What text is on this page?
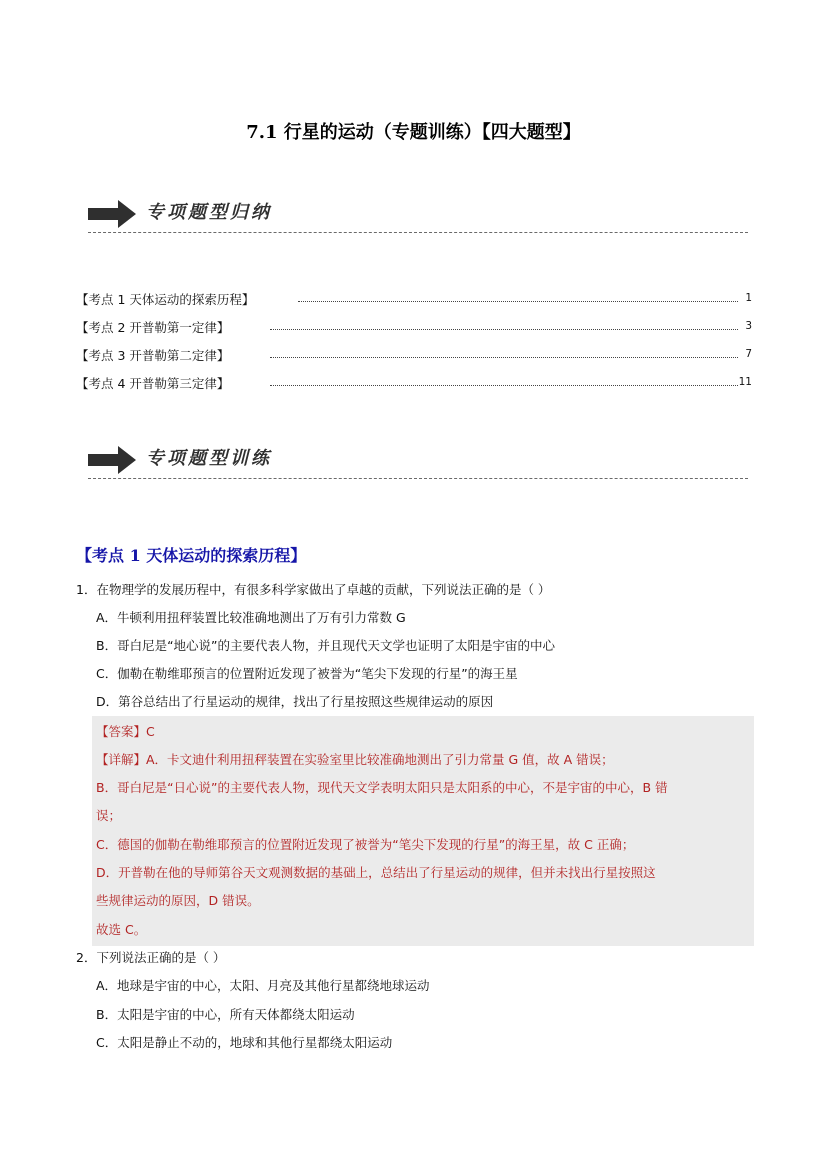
7.1 行星的运动（专题训练）【四大题型】
专项题型归纳
【考点 1 天体运动的探索历程】	1
【考点 2 开普勒第一定律】	3
【考点 3 开普勒第二定律】	7
【考点 4 开普勒第三定律】	11
专项题型训练
【考点 1 天体运动的探索历程】
1．在物理学的发展历程中，有很多科学家做出了卓越的贡献，下列说法正确的是（ ）
A．牛顿利用扭秤装置比较准确地测出了万有引力常数 G
B．哥白尼是“地心说”的主要代表人物，并且现代天文学也证明了太阳是宇宙的中心
C．伽勒在勒维耶预言的位置附近发现了被誉为“笔尖下发现的行星”的海王星
D．第谷总结出了行星运动的规律，找出了行星按照这些规律运动的原因
【答案】C
【详解】A．卡文迪什利用扭秤装置在实验室里比较准确地测出了引力常量 G 值，故 A 错误；
B．哥白尼是“日心说”的主要代表人物，现代天文学表明太阳只是太阳系的中心，不是宇宙的中心，B 错
误；
C．德国的伽勒在勒维耶预言的位置附近发现了被誉为“笔尖下发现的行星”的海王星，故 C 正确；
D．开普勒在他的导师第谷天文观测数据的基础上，总结出了行星运动的规律，但并未找出行星按照这
些规律运动的原因，D 错误。
故选 C。
2．下列说法正确的是（ ）
A．地球是宇宙的中心，太阳、月亮及其他行星都绕地球运动
B．太阳是宇宙的中心，所有天体都绕太阳运动
C．太阳是静止不动的，地球和其他行星都绕太阳运动
